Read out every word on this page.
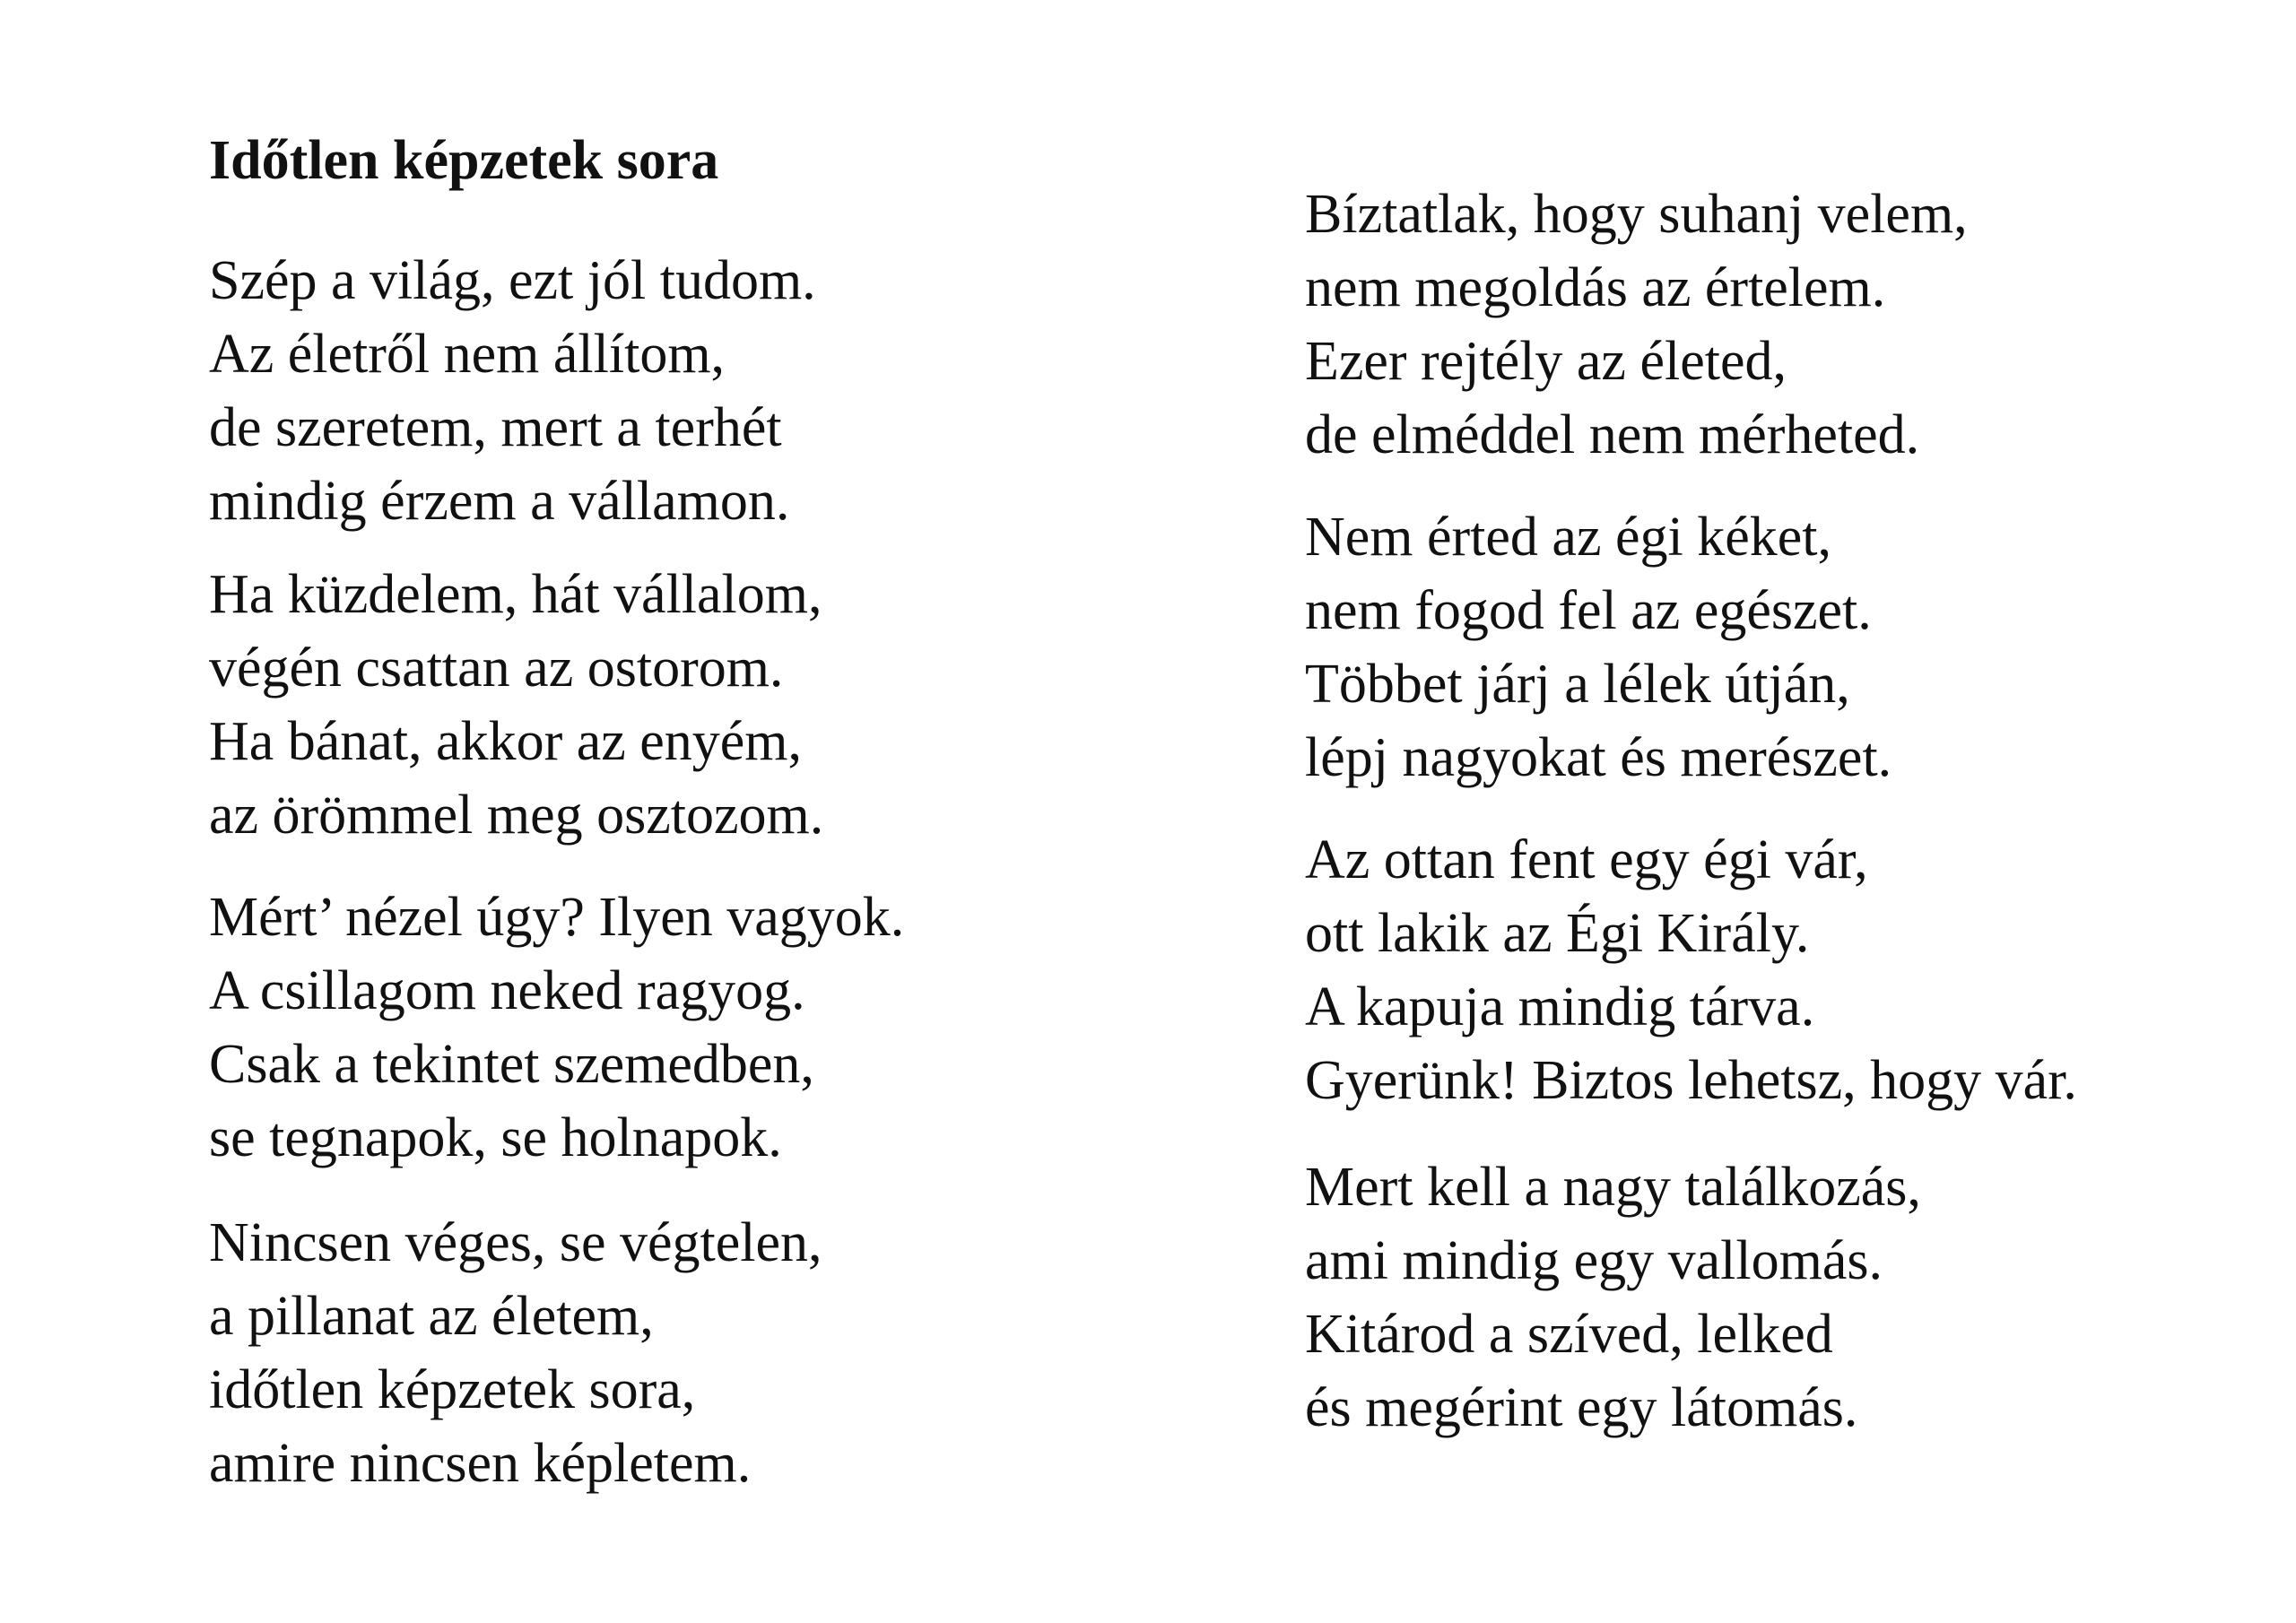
Időtlen képzetek sora
Szép a világ, ezt jól tudom.
Az életről nem állítom,
de szeretem, mert a terhét
mindig érzem a vállamon.
Ha küzdelem, hát vállalom,
végén csattan az ostorom.
Ha bánat, akkor az enyém,
az örömmel meg osztozom.
Mért’ nézel úgy? Ilyen vagyok.
A csillagom neked ragyog.
Csak a tekintet szemedben,
se tegnapok, se holnapok.
Nincsen véges, se végtelen,
a pillanat az életem,
időtlen képzetek sora,
amire nincsen képletem.
Bíztatlak, hogy suhanj velem,
nem megoldás az értelem.
Ezer rejtély az életed,
de elméddel nem mérheted.
Nem érted az égi kéket,
nem fogod fel az egészet.
Többet járj a lélek útján,
lépj nagyokat és merészet.
Az ottan fent egy égi vár,
ott lakik az Égi Király.
A kapuja mindig tárva.
Gyerünk! Biztos lehetsz, hogy vár.
Mert kell a nagy találkozás,
ami mindig egy vallomás.
Kitárod a szíved, lelked
és megérint egy látomás.
